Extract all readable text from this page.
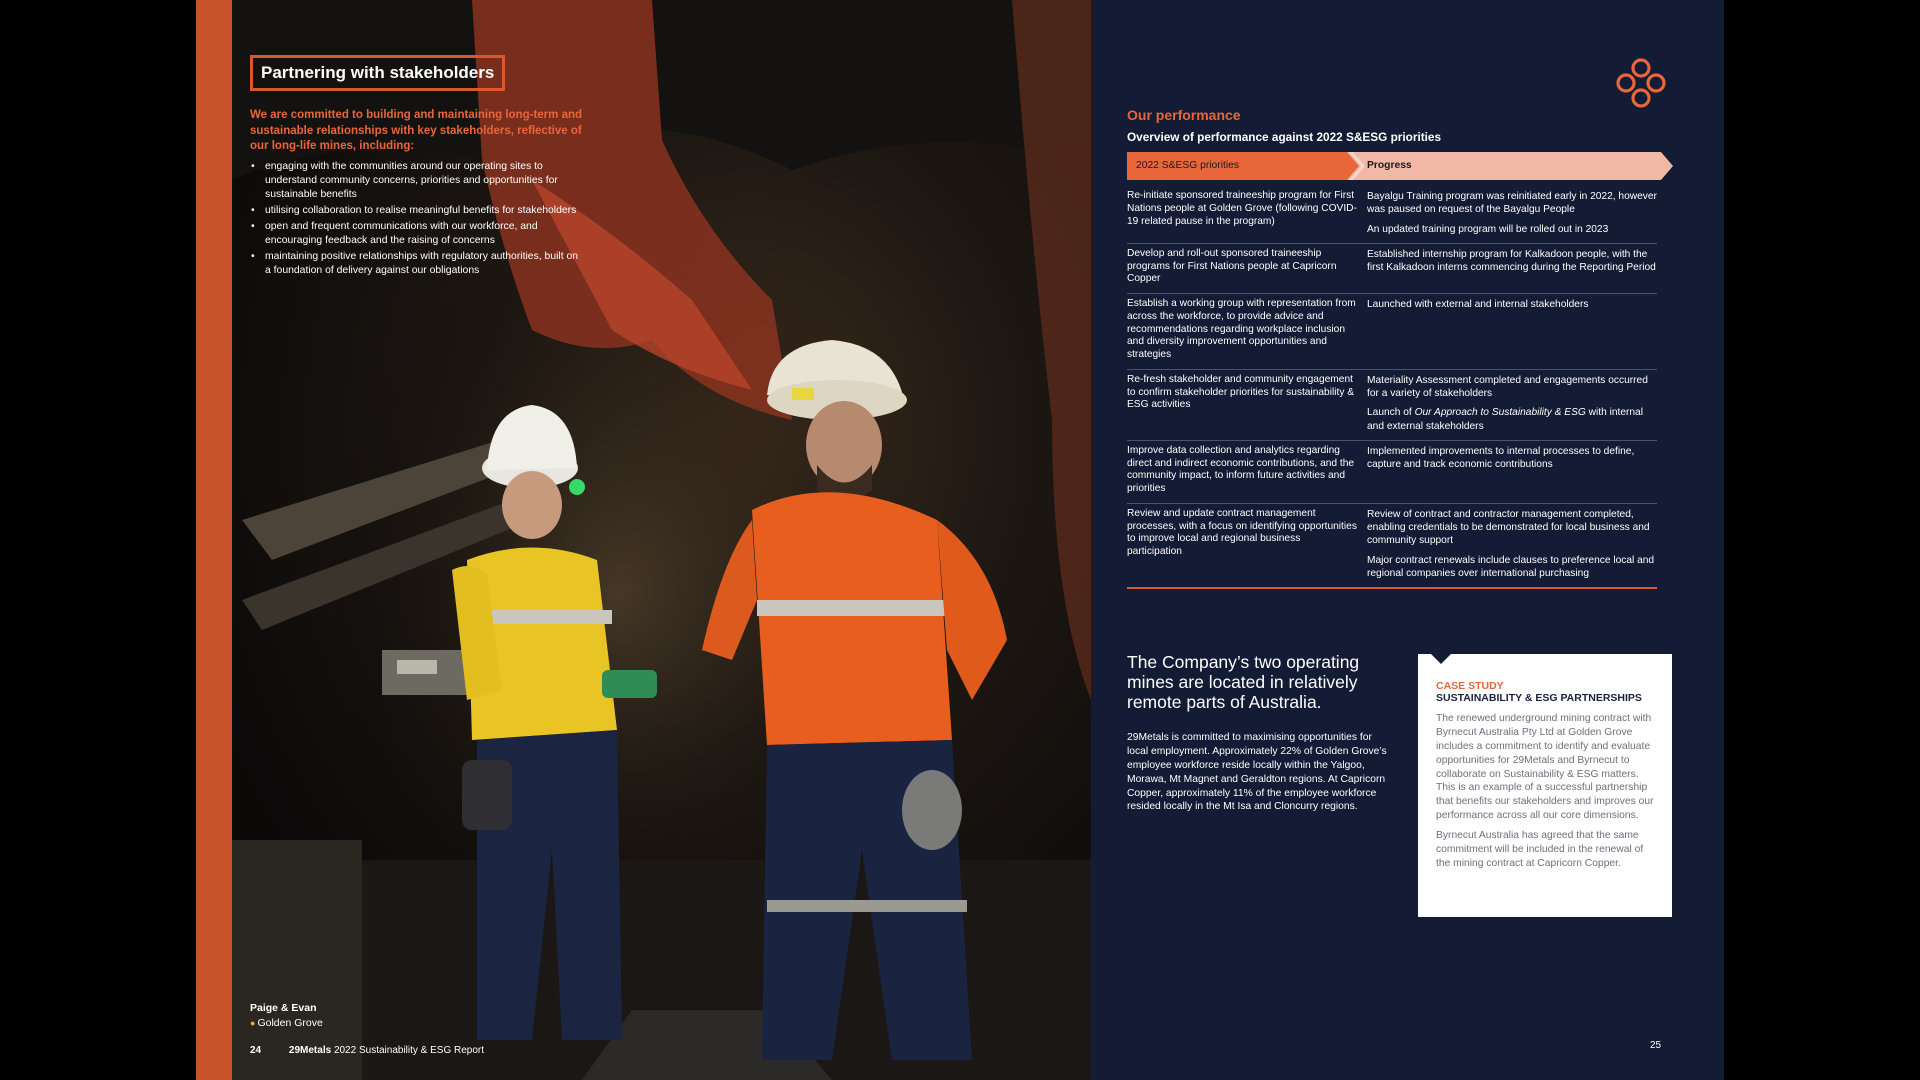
Partnering with stakeholders
We are committed to building and maintaining long-term and sustainable relationships with key stakeholders, reflective of our long-life mines, including:
• engaging with the communities around our operating sites to understand community concerns, priorities and opportunities for sustainable benefits
• utilising collaboration to realise meaningful benefits for stakeholders
• open and frequent communications with our workforce, and encouraging feedback and the raising of concerns
• maintaining positive relationships with regulatory authorities, built on a foundation of delivery against our obligations
Paige & Evan
● Golden Grove
24	29Metals 2022 Sustainability & ESG Report
Our performance
Overview of performance against 2022 S&ESG priorities
2022 S&ESG priorities	Progress
Re-initiate sponsored traineeship program for First Nations people at Golden Grove (following COVID-19 related pause in the program)

Bayalgu Training program was reinitiated early in 2022, however was paused on request of the Bayalgu People

An updated training program will be rolled out in 2023

Develop and roll-out sponsored traineeship programs for First Nations people at Capricorn Copper

Established internship program for Kalkadoon people, with the first Kalkadoon interns commencing during the Reporting Period

Establish a working group with representation from across the workforce, to provide advice and recommendations regarding workplace inclusion and diversity improvement opportunities and strategies

Launched with external and internal stakeholders

Re-fresh stakeholder and community engagement to confirm stakeholder priorities for sustainability & ESG activities

Materiality Assessment completed and engagements occurred for a variety of stakeholders

Launch of Our Approach to Sustainability & ESG with internal and external stakeholders

Improve data collection and analytics regarding direct and indirect economic contributions, and the community impact, to inform future activities and priorities

Implemented improvements to internal processes to define, capture and track economic contributions

Review and update contract management processes, with a focus on identifying opportunities to improve local and regional business participation

Review of contract and contractor management completed, enabling credentials to be demonstrated for local business and community support

Major contract renewals include clauses to preference local and regional companies over international purchasing

The Company’s two operating mines are located in relatively remote parts of Australia.
29Metals is committed to maximising opportunities for local employment. Approximately 22% of Golden Grove’s employee workforce reside locally within the Yalgoo, Morawa, Mt Magnet and Geraldton regions. At Capricorn Copper, approximately 11% of the employee workforce resided locally in the Mt Isa and Cloncurry regions.
CASE STUDY
SUSTAINABILITY & ESG PARTNERSHIPS

The renewed underground mining contract with Byrnecut Australia Pty Ltd at Golden Grove includes a commitment to identify and evaluate opportunities for 29Metals and Byrnecut to collaborate on Sustainability & ESG matters. This is an example of a successful partnership that benefits our stakeholders and improves our performance across all our core dimensions.

Byrnecut Australia has agreed that the same commitment will be included in the renewal of the mining contract at Capricorn Copper.

25
